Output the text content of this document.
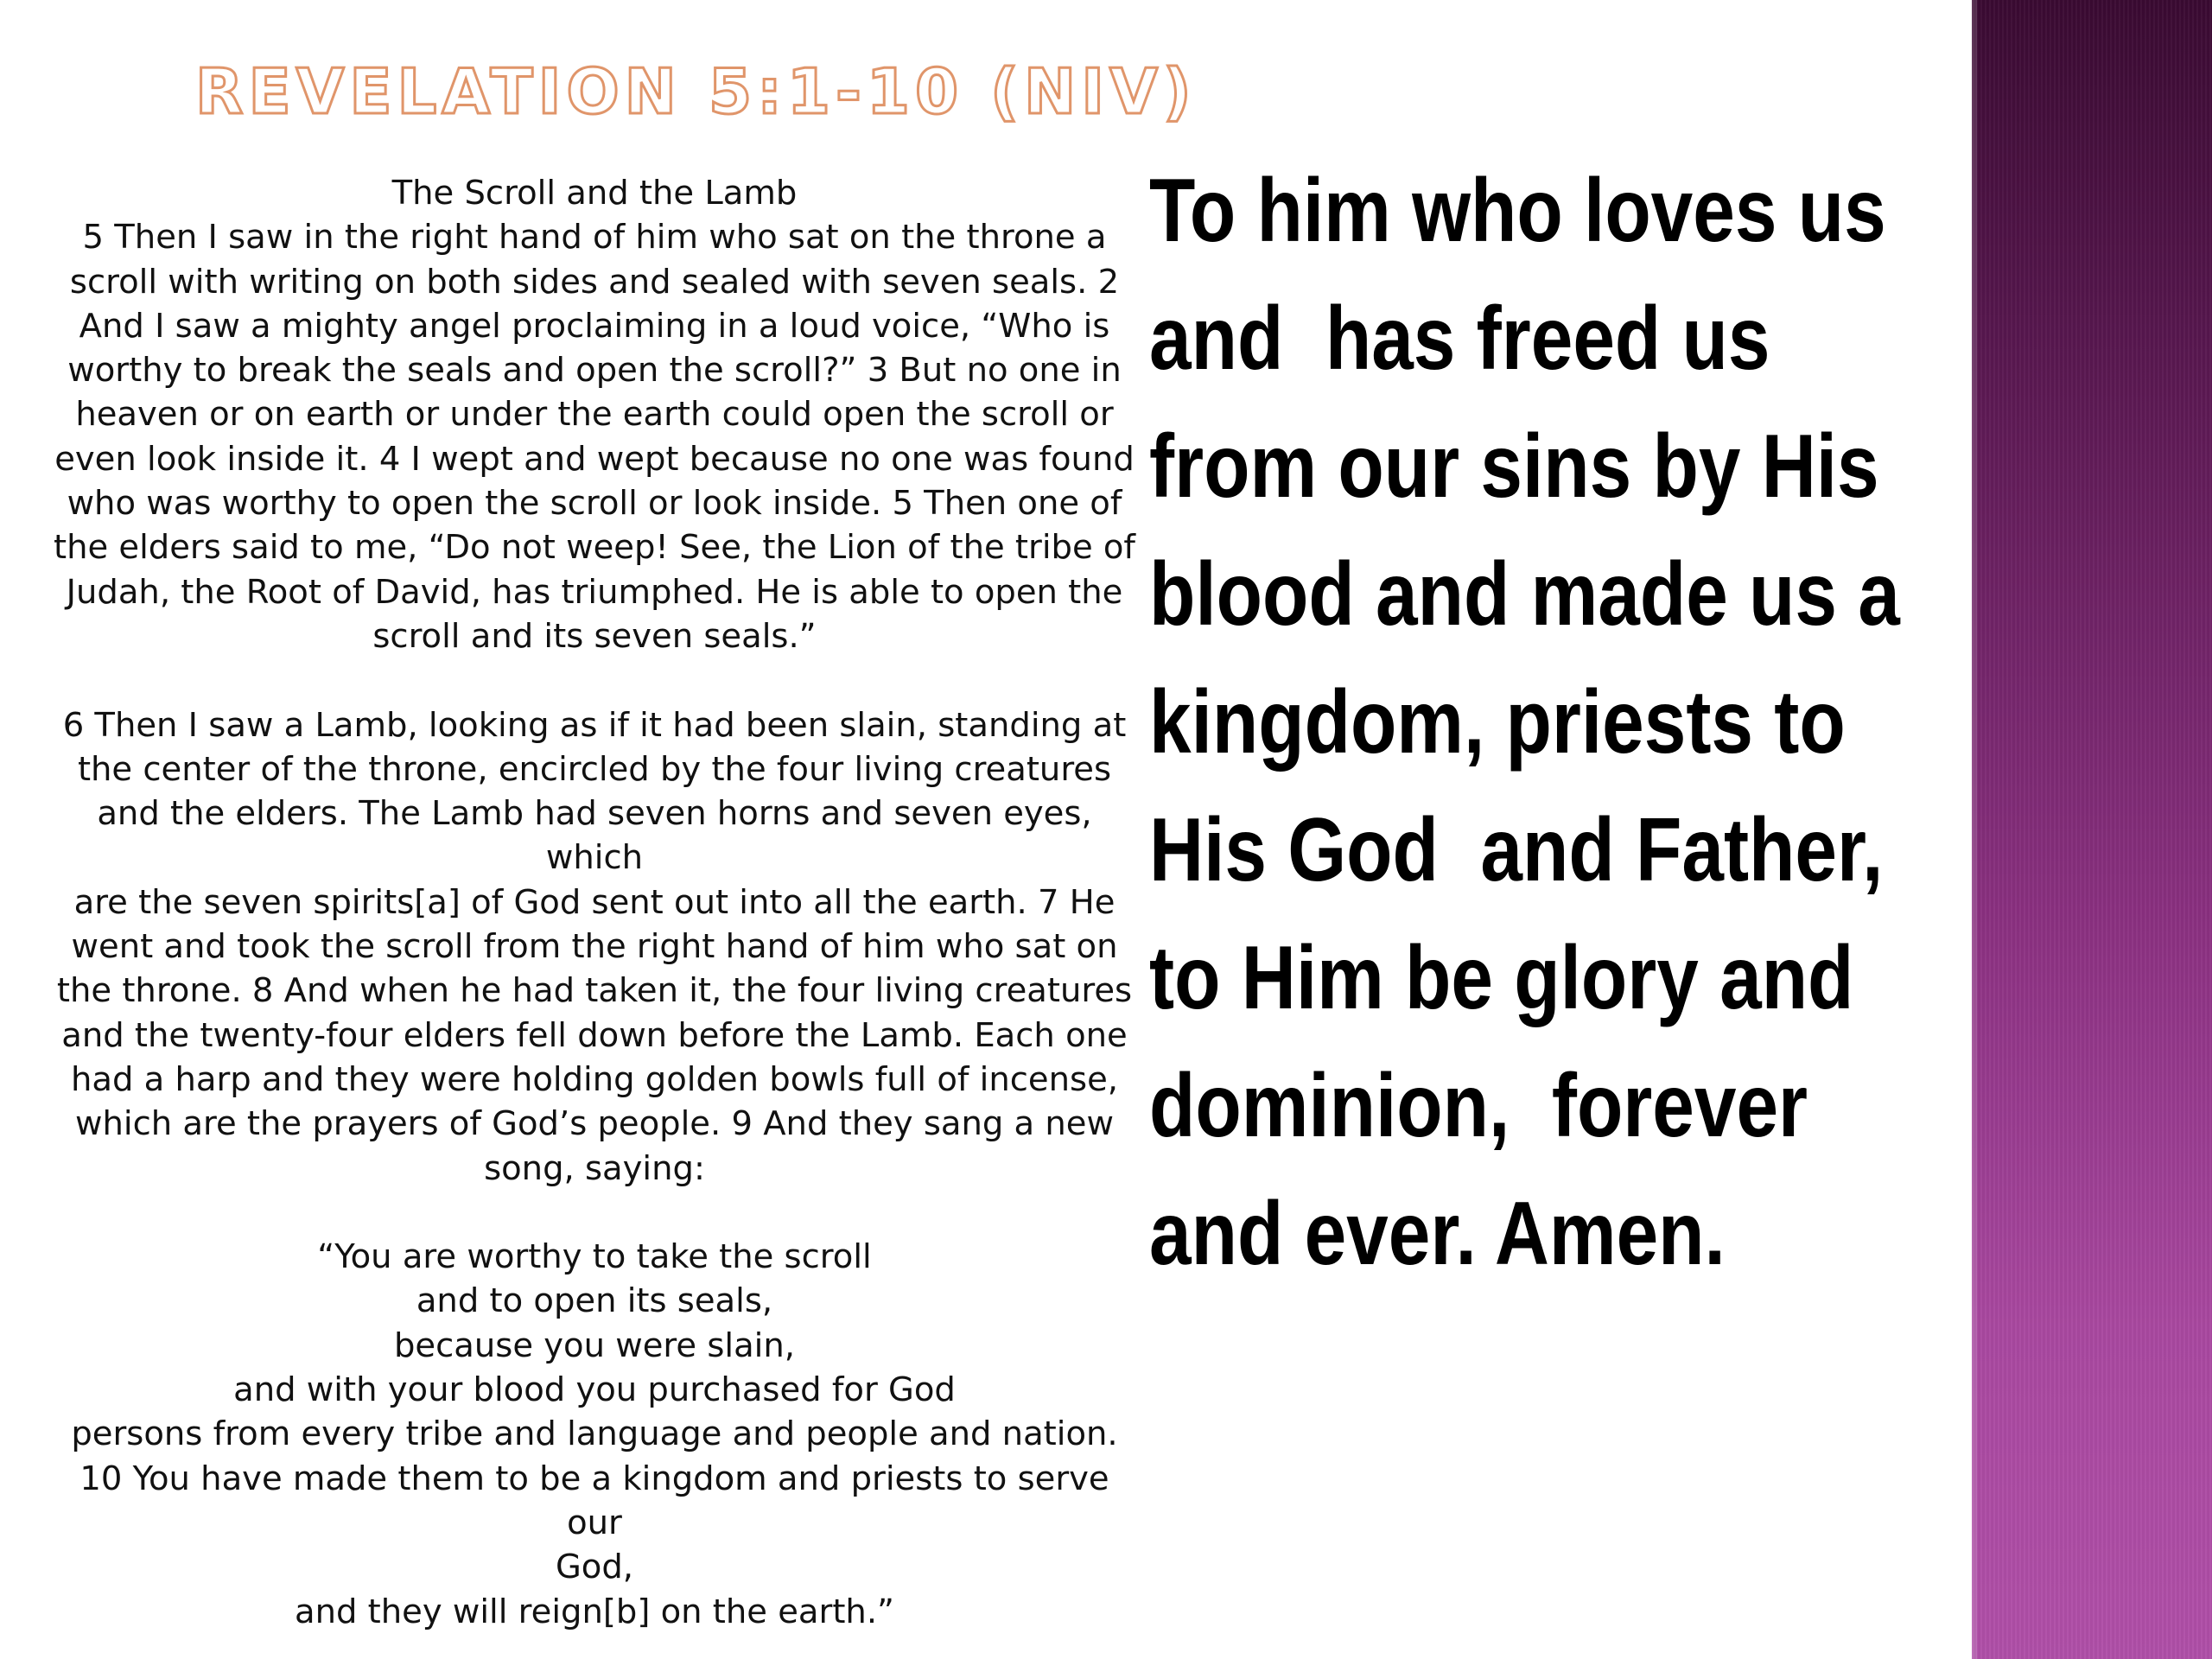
REVELATION 5:1-10 (NIV)

The Scroll and the Lamb

5 Then I saw in the right hand of him who sat on the throne a

scroll with writing on both sides and sealed with seven seals. 2

And I saw a mighty angel proclaiming in a loud voice, “Who is

worthy to break the seals and open the scroll?” 3 But no one in

heaven or on earth or under the earth could open the scroll or

even look inside it. 4 I wept and wept because no one was found

who was worthy to open the scroll or look inside. 5 Then one of

the elders said to me, “Do not weep! See, the Lion of the tribe of

Judah, the Root of David, has triumphed. He is able to open the

scroll and its seven seals.”

6 Then I saw a Lamb, looking as if it had been slain, standing at

the center of the throne, encircled by the four living creatures

and the elders. The Lamb had seven horns and seven eyes, which

are the seven spirits[a] of God sent out into all the earth. 7 He

went and took the scroll from the right hand of him who sat on

the throne. 8 And when he had taken it, the four living creatures

and the twenty-four elders fell down before the Lamb. Each one

had a harp and they were holding golden bowls full of incense,

which are the prayers of God’s people. 9 And they sang a new

song, saying:

“You are worthy to take the scroll

and to open its seals,

because you were slain,

and with your blood you purchased for God

persons from every tribe and language and people and nation.

10 You have made them to be a kingdom and priests to serve our

God,

and they will reign[b] on the earth.”

To him who loves us
and  has freed us
from our sins by His
blood and made us a
kingdom, priests to
His God  and Father,
to Him be glory and
dominion,  forever
and ever. Amen.
